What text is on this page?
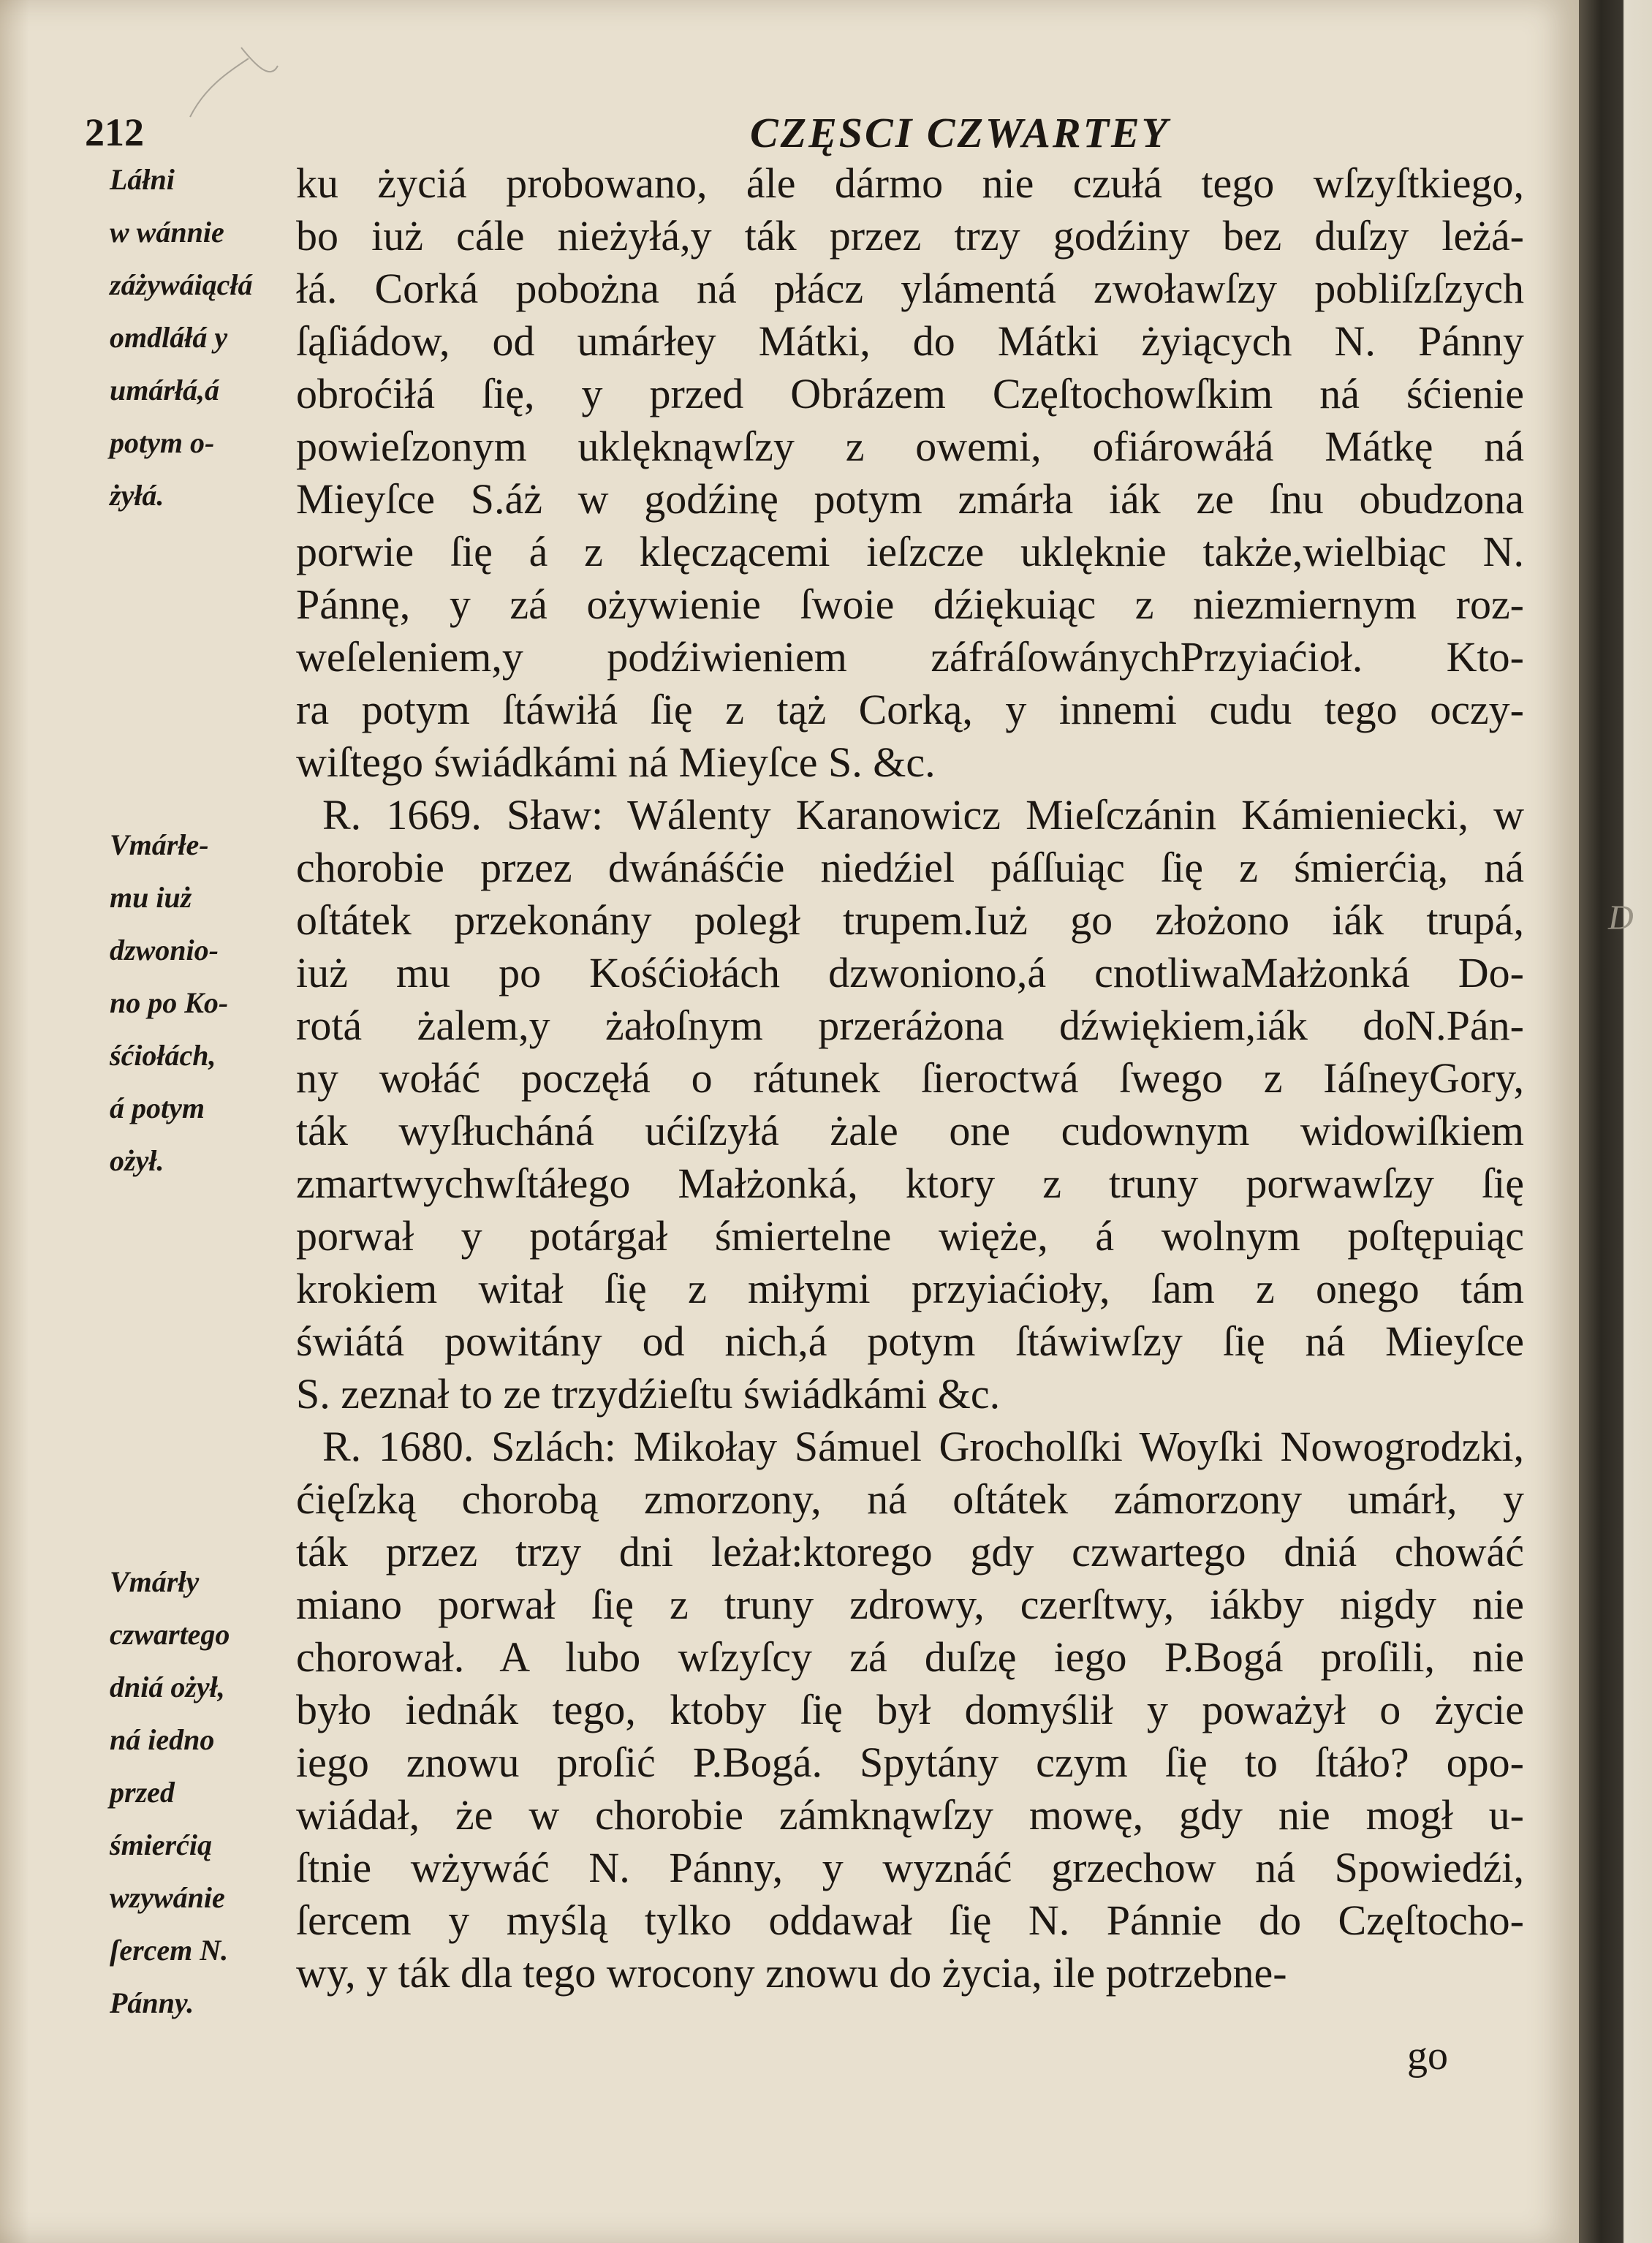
D
212	CZĘSCI CZWARTEY
Láłni
w wánnie
záżywáiącłá
omdláłá y
umárłá,á
potym o-
żyłá.
Vmárłe-
mu iuż
dzwonio-
no po Ko-
śćiołách,
á potym
ożył.
Vmárły
czwartego
dniá ożył,
ná iedno
przed
śmierćią
wzywánie
ſercem N.
Pánny.
ku życiá probowano, ále dármo nie czułá tego wſzyſtkiego,
bo iuż cále nieżyłá,y ták przez trzy godźiny bez duſzy leżá-
łá. Corká pobożna ná płácz ylámentá zwoławſzy pobliſzſzych
ſąſiádow, od umárłey Mátki, do Mátki żyiących N. Pánny
obroćiłá ſię, y przed Obrázem Częſtochowſkim ná śćienie
powieſzonym uklęknąwſzy z owemi, ofiárowáłá Mátkę ná
Mieyſce S.áż w godźinę potym zmárła iák ze ſnu obudzona
porwie ſię á z klęczącemi ieſzcze uklęknie także,wielbiąc N.
Pánnę, y zá ożywienie ſwoie dźiękuiąc z niezmiernym roz-
weſeleniem,y podźiwieniem záfráſowánychPrzyiaćioł. Kto-
ra potym ſtáwiłá ſię z tąż Corką, y innemi cudu tego oczy-
wiſtego świádkámi ná Mieyſce S. &c.
R. 1669. Sław: Wálenty Karanowicz Mieſczánin Kámieniecki, w
chorobie przez dwánáśćie niedźiel páſſuiąc ſię z śmierćią, ná
oſtátek przekonány poległ trupem.Iuż go złożono iák trupá,
iuż mu po Kośćiołách dzwoniono,á cnotliwaMałżonká Do-
rotá żalem,y żałoſnym przeráżona dźwiękiem,iák doN.Pán-
ny wołáć poczęłá o rátunek ſieroctwá ſwego z IáſneyGory,
ták wyſłucháná ućiſzyłá żale one cudownym widowiſkiem
zmartwychwſtáłego Małżonká, ktory z truny porwawſzy ſię
porwał y potárgał śmiertelne więże, á wolnym poſtępuiąc
krokiem witał ſię z miłymi przyiaćioły, ſam z onego tám
świátá powitány od nich,á potym ſtáwiwſzy ſię ná Mieyſce
S. zeznał to ze trzydźieſtu świádkámi &c.
R. 1680. Szlách: Mikołay Sámuel Grocholſki Woyſki Nowogrodzki,
ćięſzką chorobą zmorzony, ná oſtátek zámorzony umárł, y
ták przez trzy dni leżał:ktorego gdy czwartego dniá chowáć
miano porwał ſię z truny zdrowy, czerſtwy, iákby nigdy nie
chorował. A lubo wſzyſcy zá duſzę iego P.Bogá proſili, nie
było iednák tego, ktoby ſię był domyślił y poważył o życie
iego znowu proſić P.Bogá. Spytány czym ſię to ſtáło? opo-
wiádał, że w chorobie zámknąwſzy mowę, gdy nie mogł u-
ſtnie wżywáć N. Pánny, y wyznáć grzechow ná Spowiedźi,
ſercem y myślą tylko oddawał ſię N. Pánnie do Częſtocho-
wy, y ták dla tego wrocony znowu do życia, ile potrzebne-
go
